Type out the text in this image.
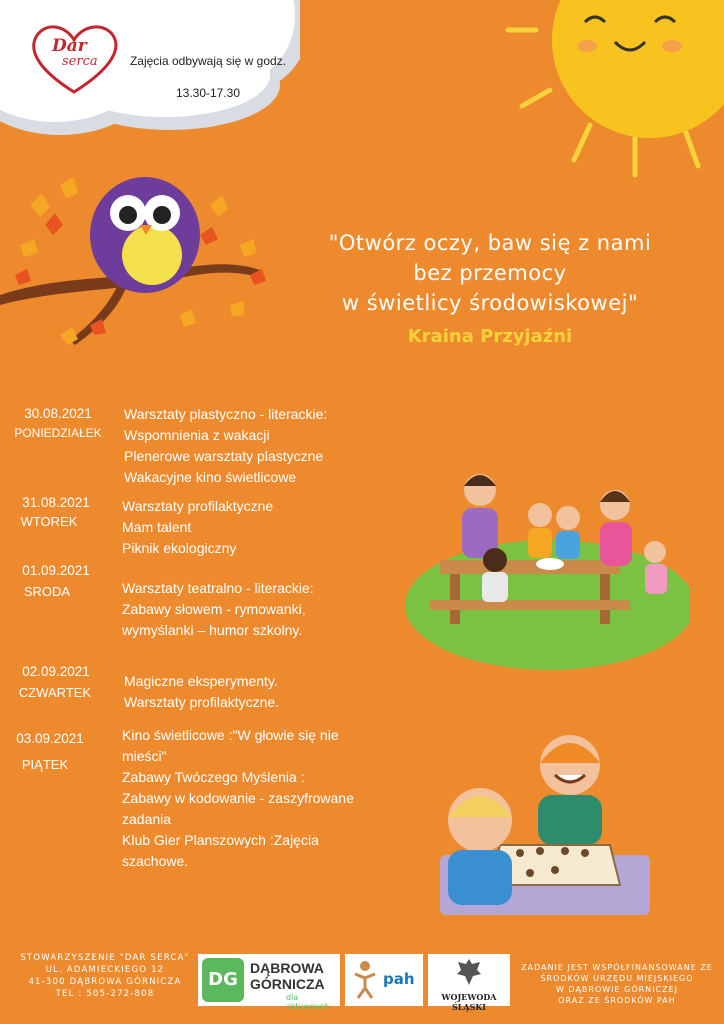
Dar
serca	Zajęcia odbywają się w godz.
13.30-17.30
"Otwórz oczy, baw się z nami
bez przemocy
w świetlicy środowiskowej"
Kraina Przyjaźni
30.08.2021
PONIEDZIAŁEK
Warsztaty plastyczno - literackie:
Wspomnienia z wakacji
Plenerowe warsztaty plastyczne
Wakacyjne kino świetlicowe
31.08.2021
WTOREK
Warsztaty profilaktyczne
Mam talent
Piknik ekologiczny
01.09.2021
SRODA	Warsztaty teatralno - literackie:
Zabawy słowem - rymowanki,
wymyślanki – humor szkolny.
02.09.2021
CZWARTEK
Magiczne eksperymenty.
Warsztaty profilaktyczne.
03.09.2021
PIĄTEK
Kino świetlicowe :"W głowie się nie
mieści"
Zabawy Twóczego Myślenia :
Zabawy w kodowanie - zaszyfrowane
zadania
Klub Gier Planszowych :Zajęcia
szachowe.
STOWARZYSZENIE "DAR SERCA"
UL. ADAMIECKIEGO 12
41-300 DĄBROWA GÓRNICZA
TEL : 505-272-808
DG
DĄBROWA
GÓRNICZA
dla aktywnych
pah
WOJEWODA ŚLĄSKI
ZADANIE JEST WSPÓŁFINANSOWANE ZE
ŚRODKÓW URZĘDU MIEJSKIEGO
W DĄBROWIE GÓRNICZEJ
ORAZ ZE ŚRODKÓW PAH
